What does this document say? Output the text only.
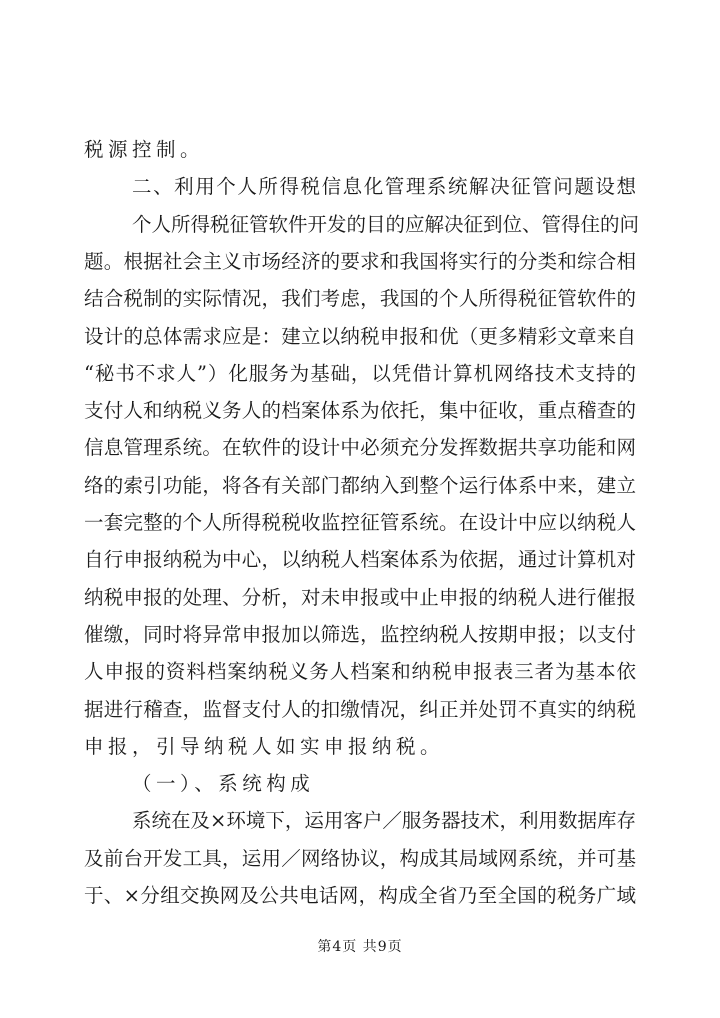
税源控制。
二、利用个人所得税信息化管理系统解决征管问题设想
个人所得税征管软件开发的目的应解决征到位、管得住的问
题。根据社会主义市场经济的要求和我国将实行的分类和综合相
结合税制的实际情况，我们考虑，我国的个人所得税征管软件的
设计的总体需求应是：建立以纳税申报和优（更多精彩文章来自
“秘书不求人”）化服务为基础，以凭借计算机网络技术支持的
支付人和纳税义务人的档案体系为依托，集中征收，重点稽查的
信息管理系统。在软件的设计中必须充分发挥数据共享功能和网
络的索引功能，将各有关部门都纳入到整个运行体系中来，建立
一套完整的个人所得税税收监控征管系统。在设计中应以纳税人
自行申报纳税为中心，以纳税人档案体系为依据，通过计算机对
纳税申报的处理、分析，对未申报或中止申报的纳税人进行催报
催缴，同时将异常申报加以筛选，监控纳税人按期申报；以支付
人申报的资料档案纳税义务人档案和纳税申报表三者为基本依
据进行稽查，监督支付人的扣缴情况，纠正并处罚不真实的纳税
申报，引导纳税人如实申报纳税。
（一）、系统构成
系统在及×环境下，运用客户／服务器技术，利用数据库存
及前台开发工具，运用／网络协议，构成其局域网系统，并可基
于、×分组交换网及公共电话网，构成全省乃至全国的税务广域
第4页 共9页
